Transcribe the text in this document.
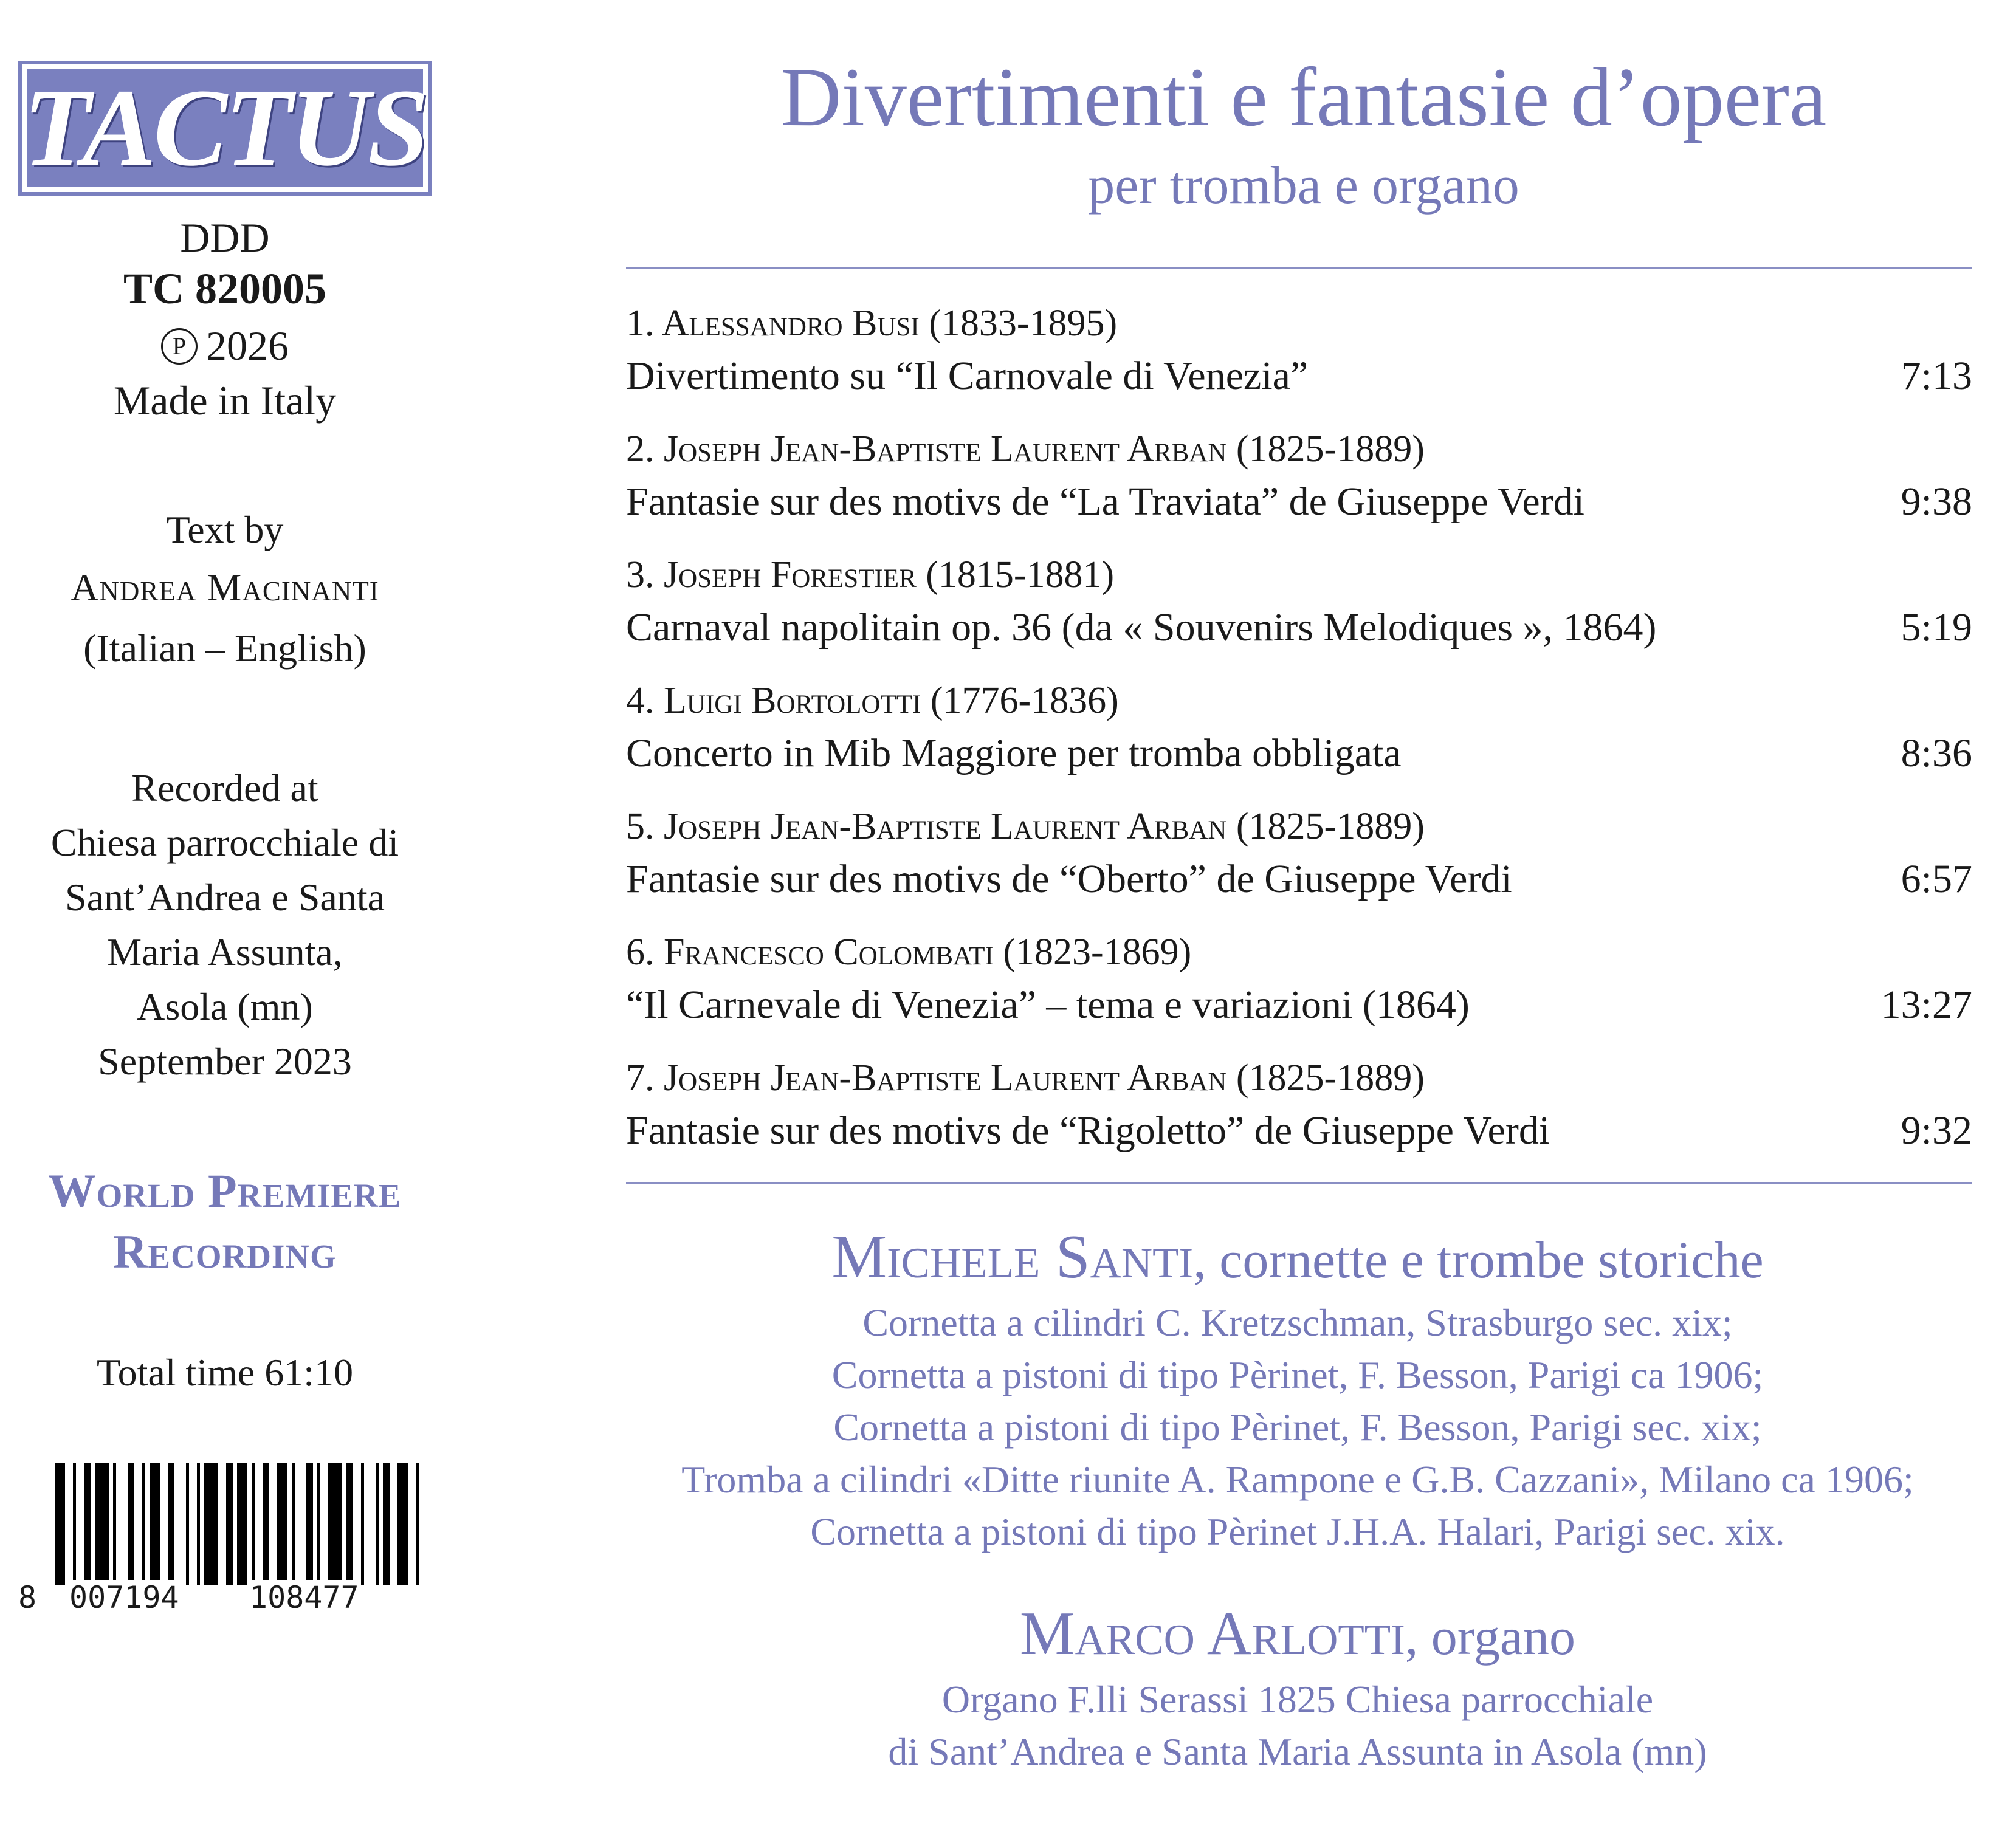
TACTUS
DDD
TC 820005
P 2026
Made in Italy
Text by
Andrea Macinanti
(Italian – English)
Recorded at
Chiesa parrocchiale di
Sant’Andrea e Santa
Maria Assunta,
Asola (mn)
September 2023
World Premiere
Recording
Total time 61:10
8 007194 108477
Divertimenti e fantasie d’opera
per tromba e organo
1. Alessandro Busi (1833-1895)
Divertimento su “Il Carnovale di Venezia”	7:13
2. Joseph Jean-Baptiste Laurent Arban (1825-1889)
Fantasie sur des motivs de “La Traviata” de Giuseppe Verdi	9:38
3. Joseph Forestier (1815-1881)
Carnaval napolitain op. 36 (da « Souvenirs Melodiques », 1864)	5:19
4. Luigi Bortolotti (1776-1836)
Concerto in Mib Maggiore per tromba obbligata	8:36
5. Joseph Jean-Baptiste Laurent Arban (1825-1889)
Fantasie sur des motivs de “Oberto” de Giuseppe Verdi	6:57
6. Francesco Colombati (1823-1869)
“Il Carnevale di Venezia” – tema e variazioni (1864)	13:27
7. Joseph Jean-Baptiste Laurent Arban (1825-1889)
Fantasie sur des motivs de “Rigoletto” de Giuseppe Verdi	9:32
Michele Santi, cornette e trombe storiche
Cornetta a cilindri C. Kretzschman, Strasburgo sec. xix;
Cornetta a pistoni di tipo Pèrinet, F. Besson, Parigi ca 1906;
Cornetta a pistoni di tipo Pèrinet, F. Besson, Parigi sec. xix;
Tromba a cilindri «Ditte riunite A. Rampone e G.B. Cazzani», Milano ca 1906;
Cornetta a pistoni di tipo Pèrinet J.H.A. Halari, Parigi sec. xix.
Marco Arlotti, organo
Organo F.lli Serassi 1825 Chiesa parrocchiale
di Sant’Andrea e Santa Maria Assunta in Asola (mn)
